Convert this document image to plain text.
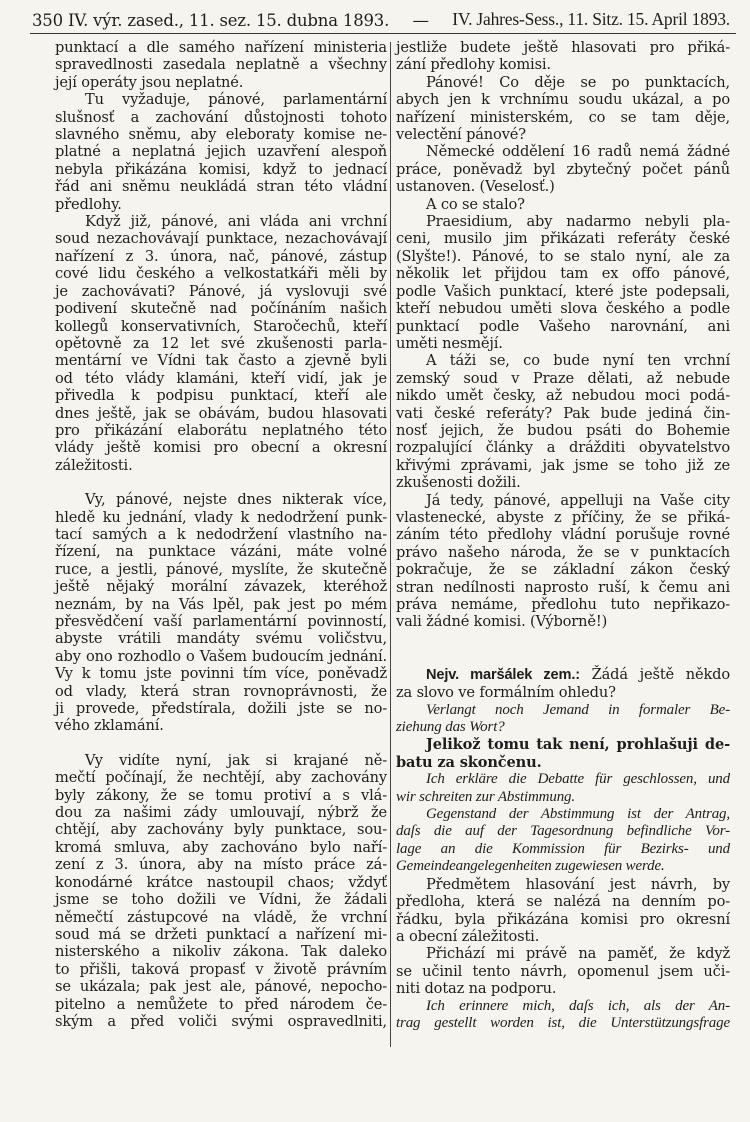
350 IV. výr. zased., 11. sez. 15. dubna 1893. — IV. Jahres-Sess., 11. Sitz. 15. April 1893.
punktací a dle samého nařízení ministeria
spravedlnosti zasedala neplatně a všechny
její operáty jsou neplatné.
Tu vyžaduje, pánové, parlamentární
slušnosť a zachování důstojnosti tohoto
slavného sněmu, aby eleboraty komise ne-
platné a neplatná jejich uzavření alespoň
nebyla přikázána komisi, když to jednací
řád ani sněmu neukládá stran této vládní
předlohy.
Když již, pánové, ani vláda ani vrchní
soud nezachovávají punktace, nezachovávají
nařízení z 3. února, nač, pánové, zástup
cové lidu českého a velkostatkáři měli by
je zachovávati? Pánové, já vyslovuji své
podivení skutečně nad počínáním našich
kollegů konservativních, Staročechů, kteří
opětovně za 12 let své zkušenosti parla-
mentární ve Vídni tak často a zjevně byli
od této vlády klamáni, kteří vidí, jak je
přivedla k podpisu punktací, kteří ale
dnes ještě, jak se obávám, budou hlasovati
pro přikázání elaborátu neplatného této
vlády ještě komisi pro obecní a okresní
záležitosti.
Vy, pánové, nejste dnes nikterak více,
hledě ku jednání, vlady k nedodržení punk-
tací samých a k nedodržení vlastního na-
řízení, na punktace vázáni, máte volné
ruce, a jestli, pánové, myslíte, že skutečně
ještě nějaký morální závazek, kteréhož
neznám, by na Vás lpěl, pak jest po mém
přesvědčení vaší parlamentární povinností,
abyste vrátili mandáty svému voličstvu,
aby ono rozhodlo o Vašem budoucím jednání.
Vy k tomu jste povinni tím více, poněvadž
od vlady, která stran rovnoprávnosti, že
ji provede, předstírala, dožili jste se no-
vého zklamání.
Vy vidíte nyní, jak si krajané ně-
mečtí počínají, že nechtějí, aby zachovány
byly zákony, že se tomu protiví a s vlá-
dou za našimi zády umlouvají, nýbrž že
chtějí, aby zachovány byly punktace, sou-
kromá smluva, aby zachováno bylo naří-
zení z 3. února, aby na místo práce zá-
konodárné krátce nastoupil chaos; vždyť
jsme se toho dožili ve Vídni, že žádali
němečtí zástupcové na vládě, že vrchní
soud má se držeti punktací a nařízení mi-
nisterského a nikoliv zákona. Tak daleko
to přišli, taková propasť v životě právním
se ukázala; pak jest ale, pánové, nepocho-
pitelno a nemůžete to před národem če-
ským a před voliči svými ospravedlniti,
jestliže budete ještě hlasovati pro přiká-
zání předlohy komisi.
Pánové! Co děje se po punktacích,
abych jen k vrchnímu soudu ukázal, a po
nařízení ministerském, co se tam děje,
velectění pánové?
Německé oddělení 16 radů nemá žádné
práce, poněvadž byl zbytečný počet pánů
ustanoven. (Veselosť.)
A co se stalo?
Praesidium, aby nadarmo nebyli pla-
ceni, musilo jim přikázati referáty české
(Slyšte!). Pánové, to se stalo nyní, ale za
několik let přijdou tam ex offo pánové,
podle Vašich punktací, které jste podepsali,
kteří nebudou uměti slova českého a podle
punktací podle Vašeho narovnání, ani
uměti nesmějí.
A táži se, co bude nyní ten vrchní
zemský soud v Praze dělati, až nebude
nikdo umět česky, až nebudou moci podá-
vati české referáty? Pak bude jediná čin-
nosť jejich, že budou psáti do Bohemie
rozpalující články a drážditi obyvatelstvo
křivými zprávami, jak jsme se toho již ze
zkušenosti dožili.
Já tedy, pánové, appelluji na Vaše city
vlastenecké, abyste z příčiny, že se přiká-
záním této předlohy vládní porušuje rovné
právo našeho národa, že se v punktacích
pokračuje, že se základní zákon český
stran nedílnosti naprosto ruší, k čemu ani
práva nemáme, předlohu tuto nepřikazo-
vali žádné komisi. (Výborně!)
Nejv. maršálek zem.: Žádá ještě někdo
za slovo ve formálním ohledu?
Verlangt noch Jemand in formaler Be-
ziehung das Wort?
Jelikož tomu tak není, prohlašuji de-
batu za skončenu.
Ich erkläre die Debatte für geschlossen, und
wir schreiten zur Abstimmung.
Gegenstand der Abstimmung ist der Antrag,
daſs die auf der Tagesordnung befindliche Vor-
lage an die Kommission für Bezirks- und
Gemeindeangelegenheiten zugewiesen werde.
Předmětem hlasování jest návrh, by
předloha, která se nalézá na denním po-
řádku, byla přikázána komisi pro okresní
a obecní záležitosti.
Přichází mi právě na paměť, že když
se učinil tento návrh, opomenul jsem uči-
niti dotaz na podporu.
Ich erinnere mich, daſs ich, als der An-
trag gestellt worden ist, die Unterstützungsfrage
